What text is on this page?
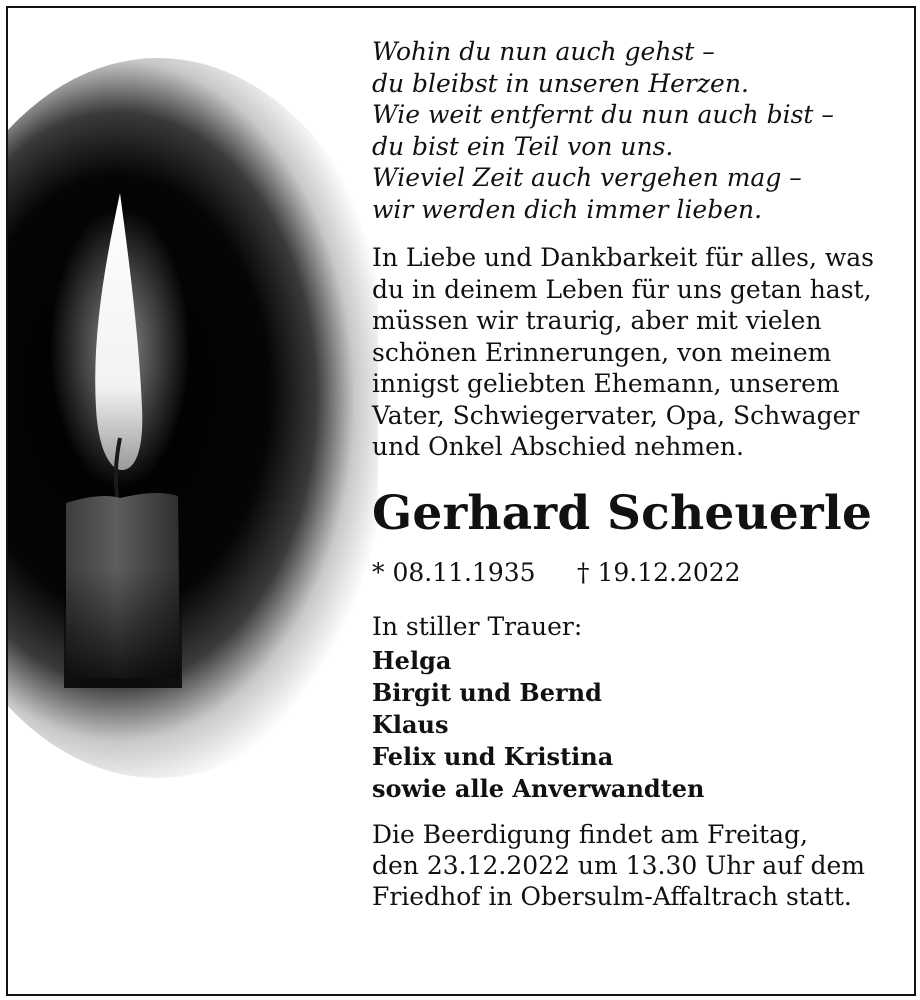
Wohin du nun auch gehst –
du bleibst in unseren Herzen.
Wie weit entfernt du nun auch bist –
du bist ein Teil von uns.
Wieviel Zeit auch vergehen mag –
wir werden dich immer lieben.
In Liebe und Dankbarkeit für alles, was
du in deinem Leben für uns getan hast,
müssen wir traurig, aber mit vielen
schönen Erinnerungen, von meinem
innigst geliebten Ehemann, unserem
Vater, Schwiegervater, Opa, Schwager
und Onkel Abschied nehmen.
Gerhard Scheuerle
* 08.11.1935 † 19.12.2022
In stiller Trauer:
Helga
Birgit und Bernd
Klaus
Felix und Kristina
sowie alle Anverwandten
Die Beerdigung findet am Freitag,
den 23.12.2022 um 13.30 Uhr auf dem
Friedhof in Obersulm-Affaltrach statt.
